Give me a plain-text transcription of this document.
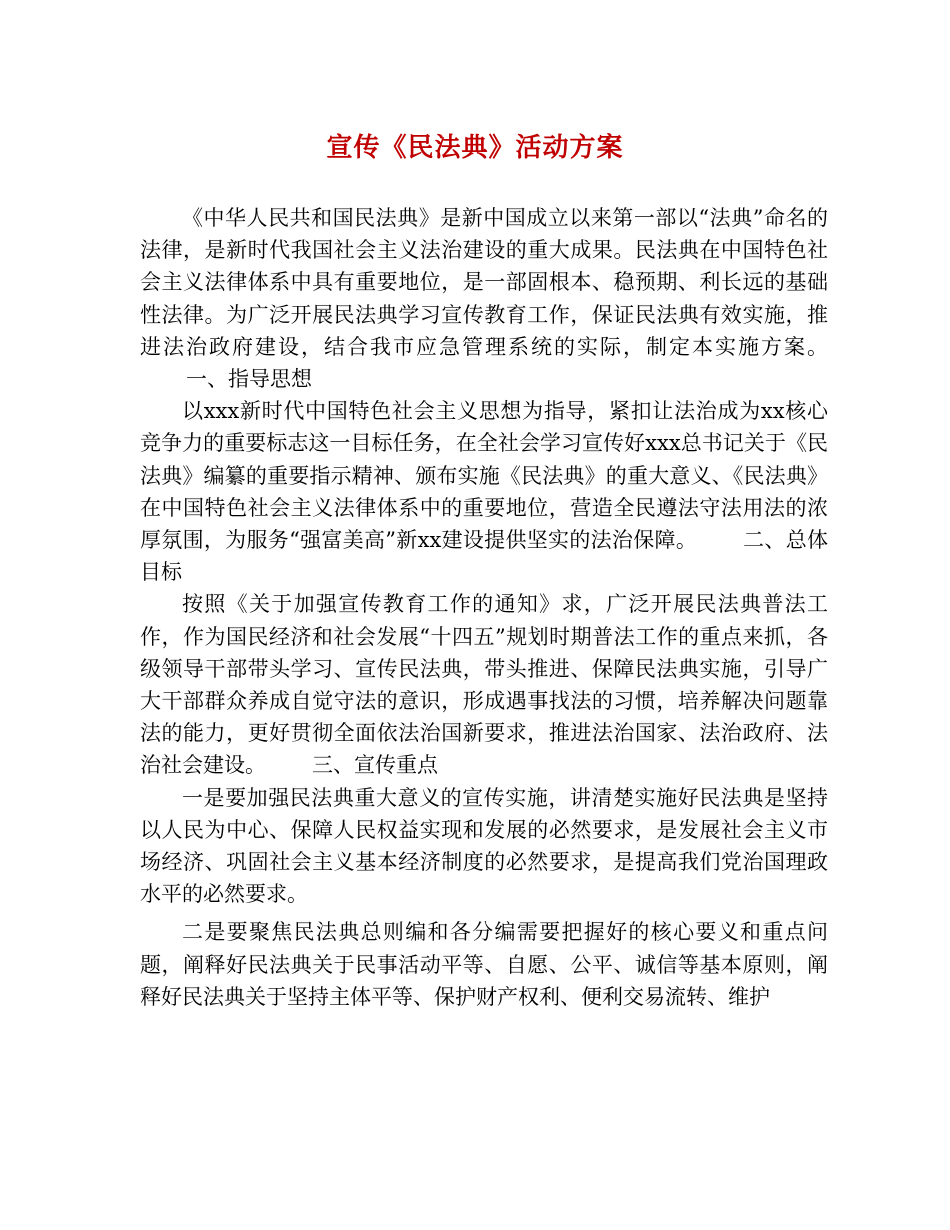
宣传《民法典》活动方案

《中华人民共和国民法典》是新中国成立以来第一部以“法典”命名的法律，是新时代我国社会主义法治建设的重大成果。民法典在中国特色社会主义法律体系中具有重要地位，是一部固根本、稳预期、利长远的基础性法律。为广泛开展民法典学习宣传教育工作，保证民法典有效实施，推进法治政府建设，结合我市应急管理系统的实际，制定本实施方案。一、指导思想

以xxx新时代中国特色社会主义思想为指导，紧扣让法治成为xx核心竞争力的重要标志这一目标任务，在全社会学习宣传好xxx总书记关于《民法典》编纂的重要指示精神、颁布实施《民法典》的重大意义、《民法典》在中国特色社会主义法律体系中的重要地位，营造全民遵法守法用法的浓厚氛围，为服务“强富美高”新xx建设提供坚实的法治保障。 二、总体目标

按照《关于加强宣传教育工作的通知》求，广泛开展民法典普法工作，作为国民经济和社会发展“十四五”规划时期普法工作的重点来抓，各级领导干部带头学习、宣传民法典，带头推进、保障民法典实施，引导广大干部群众养成自觉守法的意识，形成遇事找法的习惯，培养解决问题靠法的能力，更好贯彻全面依法治国新要求，推进法治国家、法治政府、法治社会建设。 三、宣传重点

一是要加强民法典重大意义的宣传实施，讲清楚实施好民法典是坚持以人民为中心、保障人民权益实现和发展的必然要求，是发展社会主义市场经济、巩固社会主义基本经济制度的必然要求，是提高我们党治国理政水平的必然要求。

二是要聚焦民法典总则编和各分编需要把握好的核心要义和重点问题，阐释好民法典关于民事活动平等、自愿、公平、诚信等基本原则，阐释好民法典关于坚持主体平等、保护财产权利、便利交易流转、维护
